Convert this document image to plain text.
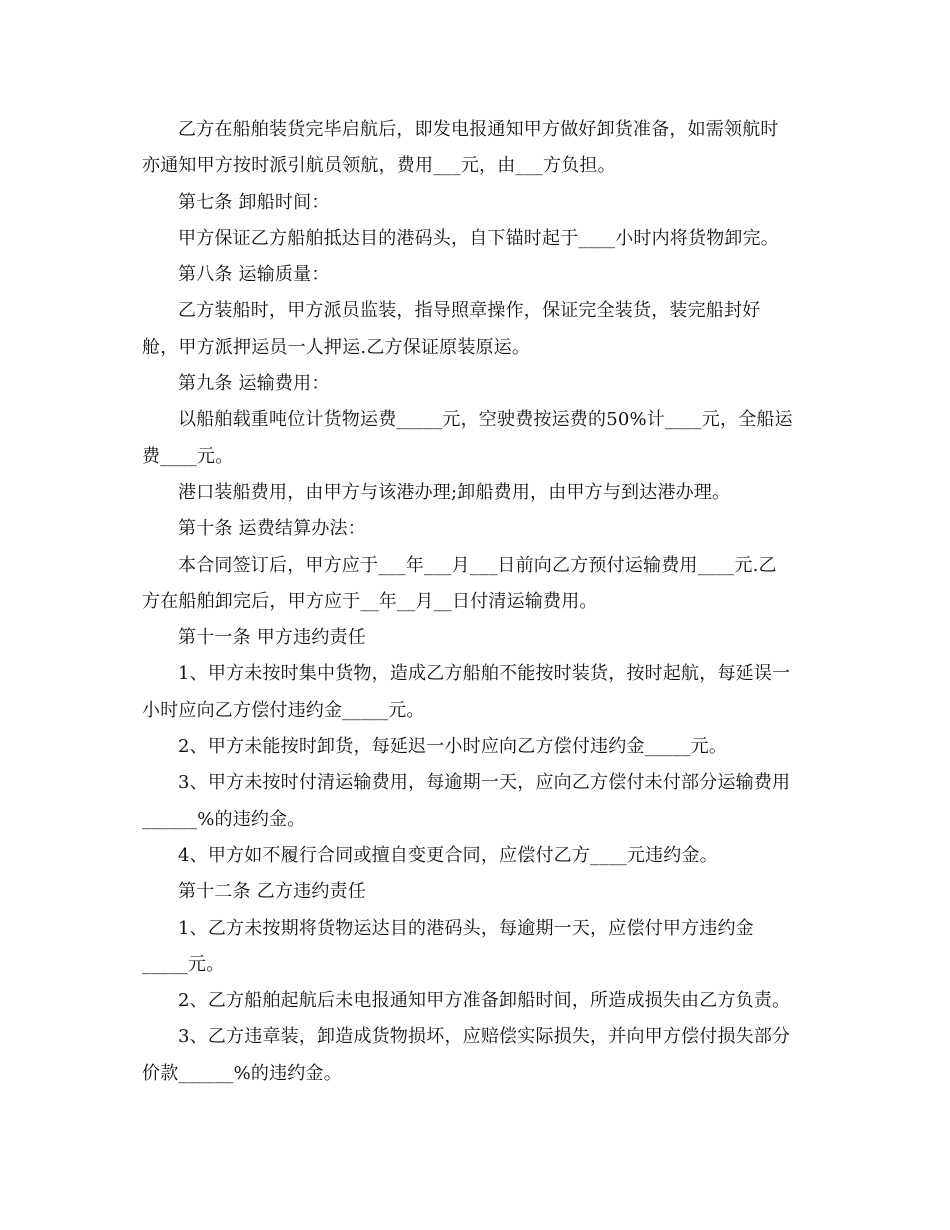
乙方在船舶装货完毕启航后，即发电报通知甲方做好卸货准备，如需领航时
亦通知甲方按时派引航员领航，费用___元，由___方负担。
第七条 卸船时间：
甲方保证乙方船舶抵达目的港码头，自下锚时起于____小时内将货物卸完。
第八条 运输质量：
乙方装船时，甲方派员监装，指导照章操作，保证完全装货，装完船封好
舱，甲方派押运员一人押运.乙方保证原装原运。
第九条 运输费用：
以船舶载重吨位计货物运费_____元，空驶费按运费的50%计____元，全船运
费____元。
港口装船费用，由甲方与该港办理;卸船费用，由甲方与到达港办理。
第十条 运费结算办法：
本合同签订后，甲方应于___年___月___日前向乙方预付运输费用____元.乙
方在船舶卸完后，甲方应于__年__月__日付清运输费用。
第十一条 甲方违约责任
1、甲方未按时集中货物，造成乙方船舶不能按时装货，按时起航，每延误一
小时应向乙方偿付违约金_____元。
2、甲方未能按时卸货，每延迟一小时应向乙方偿付违约金_____元。
3、甲方未按时付清运输费用，每逾期一天，应向乙方偿付未付部分运输费用
______%的违约金。
4、甲方如不履行合同或擅自变更合同，应偿付乙方____元违约金。
第十二条 乙方违约责任
1、乙方未按期将货物运达目的港码头，每逾期一天，应偿付甲方违约金
_____元。
2、乙方船舶起航后未电报通知甲方准备卸船时间，所造成损失由乙方负责。
3、乙方违章装，卸造成货物损坏，应赔偿实际损失，并向甲方偿付损失部分
价款______%的违约金。
